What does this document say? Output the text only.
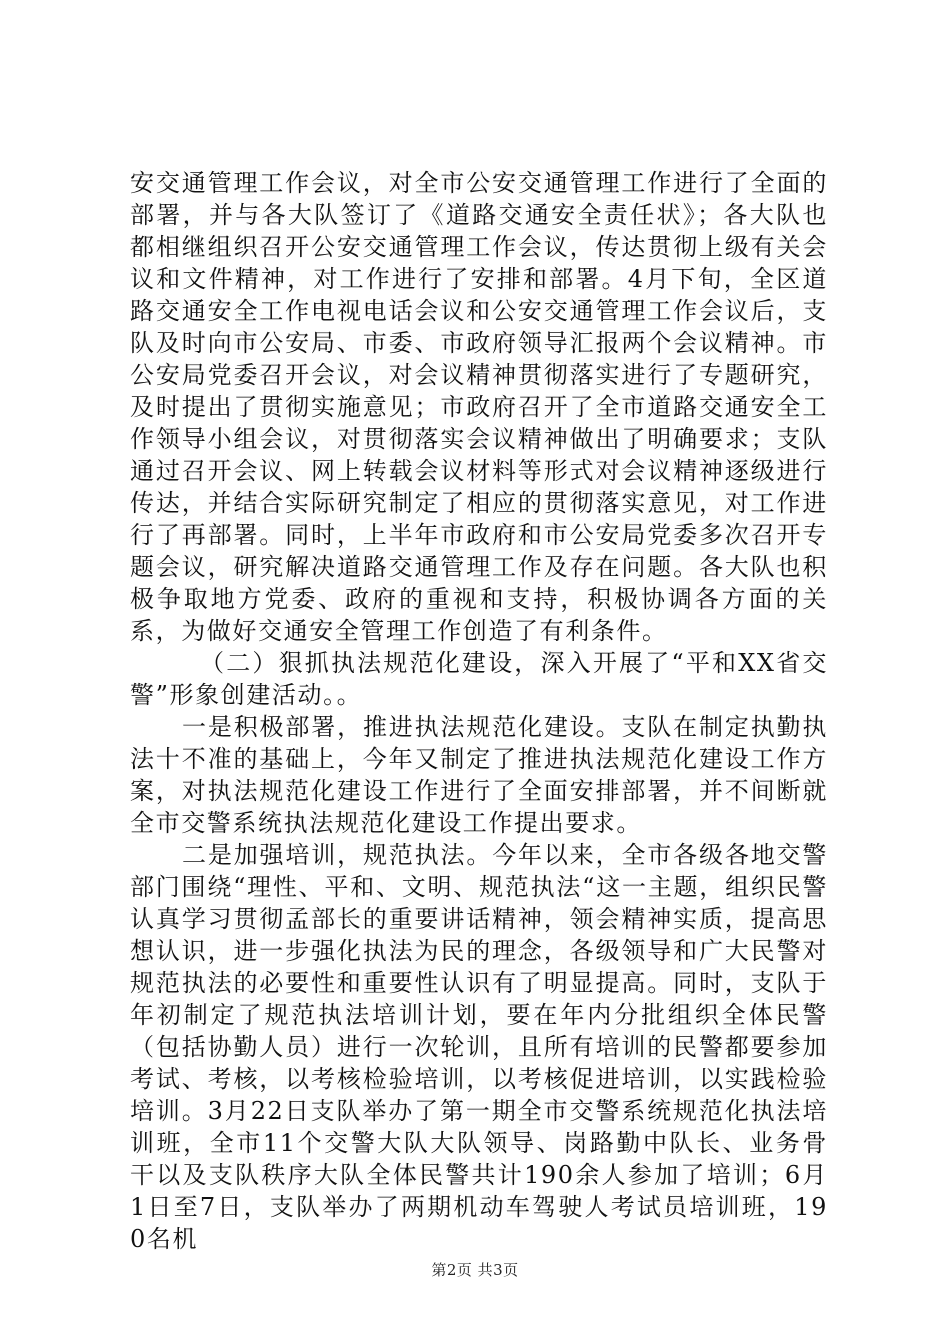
安交通管理工作会议，对全市公安交通管理工作进行了全面的部署，并与各大队签订了《道路交通安全责任状》；各大队也都相继组织召开公安交通管理工作会议，传达贯彻上级有关会议和文件精神，对工作进行了安排和部署。4月下旬，全区道路交通安全工作电视电话会议和公安交通管理工作会议后，支队及时向市公安局、市委、市政府领导汇报两个会议精神。市公安局党委召开会议，对会议精神贯彻落实进行了专题研究，及时提出了贯彻实施意见；市政府召开了全市道路交通安全工作领导小组会议，对贯彻落实会议精神做出了明确要求；支队通过召开会议、网上转载会议材料等形式对会议精神逐级进行传达，并结合实际研究制定了相应的贯彻落实意见，对工作进行了再部署。同时，上半年市政府和市公安局党委多次召开专题会议，研究解决道路交通管理工作及存在问题。各大队也积极争取地方党委、政府的重视和支持，积极协调各方面的关系，为做好交通安全管理工作创造了有利条件。

（二）狠抓执法规范化建设，深入开展了“平和XX省交警”形象创建活动。。

一是积极部署，推进执法规范化建设。支队在制定执勤执法十不准的基础上，今年又制定了推进执法规范化建设工作方案，对执法规范化建设工作进行了全面安排部署，并不间断就全市交警系统执法规范化建设工作提出要求。

二是加强培训，规范执法。今年以来，全市各级各地交警部门围绕“理性、平和、文明、规范执法“这一主题，组织民警认真学习贯彻孟部长的重要讲话精神，领会精神实质，提高思想认识，进一步强化执法为民的理念，各级领导和广大民警对规范执法的必要性和重要性认识有了明显提高。同时，支队于年初制定了规范执法培训计划，要在年内分批组织全体民警（包括协勤人员）进行一次轮训，且所有培训的民警都要参加考试、考核，以考核检验培训，以考核促进培训，以实践检验培训。3月22日支队举办了第一期全市交警系统规范化执法培训班，全市11个交警大队大队领导、岗路勤中队长、业务骨干以及支队秩序大队全体民警共计190余人参加了培训；6月1日至7日，支队举办了两期机动车驾驶人考试员培训班，190名机

第2页 共3页
